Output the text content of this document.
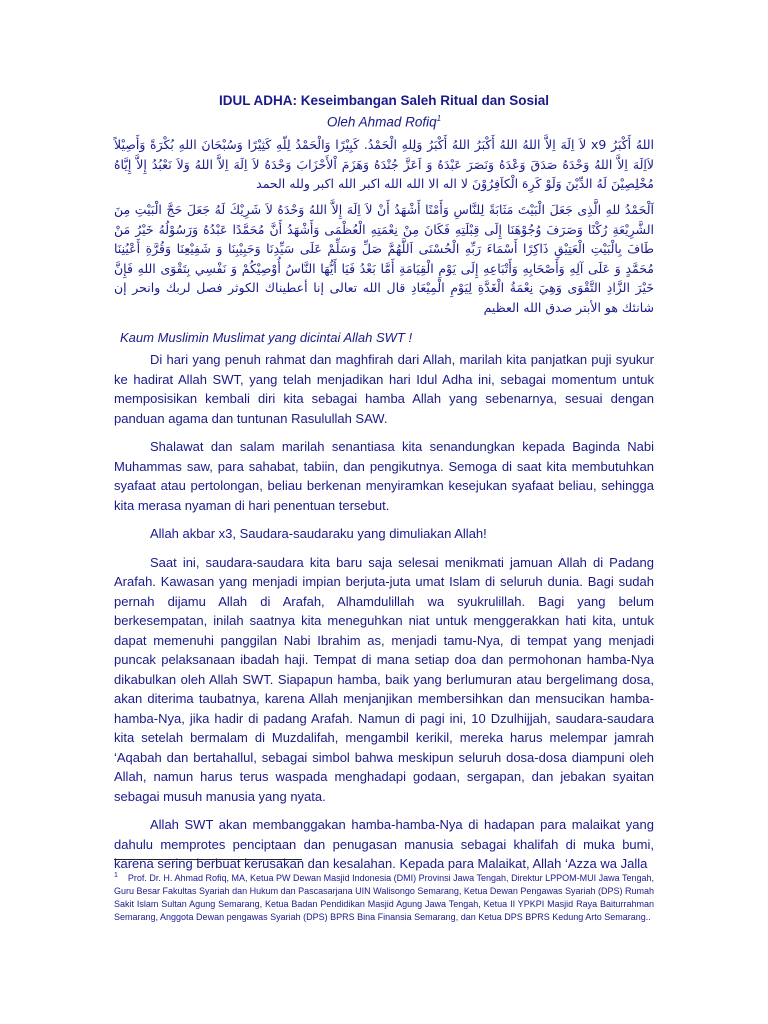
IDUL ADHA: Keseimbangan Saleh Ritual dan Sosial
Oleh Ahmad Rofiq$^1$
اللهُ أَكْبَرُ x9 لاَ اِلَهَ اِلاَّ اللهُ اللهُ أَكْبَرُ اللهُ أَكْبَرُ وَلِلهِ الْحَمْدُ. كَبِيْرًا وَالْحَمْدُ لِلّهِ كَثِيْرًا وَسُبْحَانَ اللهِ بُكْرَةً وَأَصِيْلاً لاَاِلَهَ اِلاَّ اللهُ وَحْدَهُ صَدَقَ وَعْدَهُ وَنَصَرَ عَبْدَهُ وَ اَعَزَّ جُنْدَهُ وَهَزَمَ اْلأَحْزَابَ وَحْدَهُ لاَ اِلَهَ اِلاَّ اللهُ وَلاَ نَعْبُدُ إِلاَّ إِيَّاهُ مُخْلِصِيْنَ لَهُ الدِّيْنَ وَلَوْ كَرِهَ الْكاَفِرُوْنَ لا اله الا الله الله اكبر الله اكبر ولله الحمد
اَلْحَمْدُ للهِ الَّذِى جَعَلَ الْبَيْتَ مَثَابَةً لِلنَّاسِ وَأَمْنًا أَشْهَدُ أَنْ لاَ اِلَهَ إِلاَّ اللهُ وَحْدَهُ لاَ شَرِيْكَ لَهُ جَعَلَ حَجَّ الْبَيْتِ مِنَ الشَّرِيْعَةِ رُكْنًا وَصَرَفَ وُجُوْهَنَا إِلَى قِبْلَتِهِ فَكَانَ مِنْ نِعْمَتِهِ الْعُظْمَى وَأَشْهَدُ أَنَّ مُحَمَّدًا عَبْدُهُ وَرَسُوْلُهُ خَيْرُ مَنْ طَافَ بِالْبَيْتِ الْعَتِيْقِ ذَاكِرًا أَسْمَاءَ رَبِّهِ الْحُسْنَى اَللَّهُمَّ صَلِّ وَسَلِّمْ عَلَى سَيِّدِنَا وَحَبِيْبِنَا وَ شَفِيْعِنَا وَقُرَّةِ أَعْيُنِنَا مُحَمَّدٍ وَ عَلَى آلِهِ وَأَصْحَابِهِ وَأَتْبَاعِهِ إِلَى يَوْمِ الْقِيَامَةِ أَمَّا بَعْدُ فَيَا أَيُّهَا النَّاسُ أُوْصِيْكُمْ وَ نَفْسِي بِتَقْوَى اللهِ فَإِنَّ خَيْرَ الزَّادِ التَّقْوَى وَهِيَ نِعْمَةُ الْغَدَّةِ لِيَوْمِ الْمِيْعَادِ قال الله تعالى إنا أعطيناك الكوثر فصل لربك وانحر إن شانئك هو الأبتر صدق الله العظيم
Kaum Muslimin Muslimat yang dicintai Allah SWT !

Di hari yang penuh rahmat dan maghfirah dari Allah, marilah kita panjatkan puji syukur ke hadirat Allah SWT, yang telah menjadikan hari Idul Adha ini, sebagai momentum untuk memposisikan kembali diri kita sebagai hamba Allah yang sebenarnya, sesuai dengan panduan agama dan tuntunan Rasulullah SAW.

Shalawat dan salam marilah senantiasa kita senandungkan kepada Baginda Nabi Muhammas saw, para sahabat, tabiin, dan pengikutnya. Semoga di saat kita membutuhkan syafaat atau pertolongan, beliau berkenan menyiramkan kesejukan syafaat beliau, sehingga kita merasa nyaman di hari penentuan tersebut.

Allah akbar x3, Saudara-saudaraku yang dimuliakan Allah!

Saat ini, saudara-saudara kita baru saja selesai menikmati jamuan Allah di Padang Arafah. Kawasan yang menjadi impian berjuta-juta umat Islam di seluruh dunia. Bagi sudah pernah dijamu Allah di Arafah, Alhamdulillah wa syukrulillah. Bagi yang belum berkesempatan, inilah saatnya kita meneguhkan niat untuk menggerakkan hati kita, untuk dapat memenuhi panggilan Nabi Ibrahim as, menjadi tamu-Nya, di tempat yang menjadi puncak pelaksanaan ibadah haji. Tempat di mana setiap doa dan permohonan hamba-Nya dikabulkan oleh Allah SWT. Siapapun hamba, baik yang berlumuran atau bergelimang dosa, akan diterima taubatnya, karena Allah menjanjikan membersihkan dan mensucikan hamba-hamba-Nya, jika hadir di padang Arafah. Namun di pagi ini, 10 Dzulhijjah, saudara-saudara kita setelah bermalam di Muzdalifah, mengambil kerikil, mereka harus melempar jamrah ‘Aqabah dan bertahallul, sebagai simbol bahwa meskipun seluruh dosa-dosa diampuni oleh Allah, namun harus terus waspada menghadapi godaan, sergapan, dan jebakan syaitan sebagai musuh manusia yang nyata.

Allah SWT akan membanggakan hamba-hamba-Nya di hadapan para malaikat yang dahulu memprotes penciptaan dan penugasan manusia sebagai khalifah di muka bumi, karena sering berbuat kerusakan dan kesalahan. Kepada para Malaikat, Allah ‘Azza wa Jalla

$^1$ Prof. Dr. H. Ahmad Rofiq, MA, Ketua PW Dewan Masjid Indonesia (DMI) Provinsi Jawa Tengah, Direktur LPPOM-MUI Jawa Tengah, Guru Besar Fakultas Syariah dan Hukum dan Pascasarjana UIN Walisongo Semarang, Ketua Dewan Pengawas Syariah (DPS) Rumah Sakit Islam Sultan Agung Semarang, Ketua Badan Pendidikan Masjid Agung Jawa Tengah, Ketua II YPKPI Masjid Raya Baiturrahman Semarang, Anggota Dewan pengawas Syariah (DPS) BPRS Bina Finansia Semarang, dan Ketua DPS BPRS Kedung Arto Semarang..
